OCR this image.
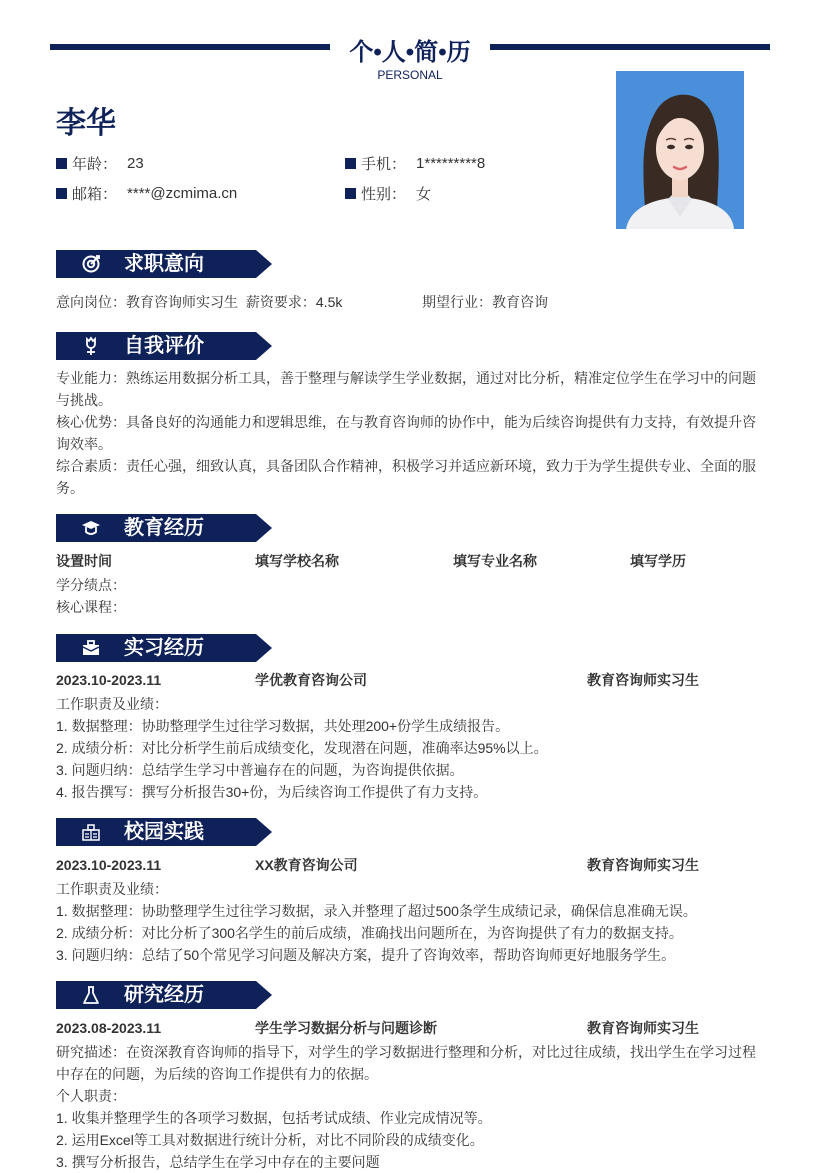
个•人•简•历
PERSONAL
李华
年龄： 23	手机： 1*********8
邮箱： ****@zcmima.cn	性别： 女
求职意向
意向岗位：教育咨询师实习生 薪资要求：4.5k	期望行业：教育咨询
自我评价
专业能力：熟练运用数据分析工具，善于整理与解读学生学业数据，通过对比分析，精准定位学生在学习中的问题与挑战。
核心优势：具备良好的沟通能力和逻辑思维，在与教育咨询师的协作中，能为后续咨询提供有力支持，有效提升咨询效率。
综合素质：责任心强，细致认真，具备团队合作精神，积极学习并适应新环境，致力于为学生提供专业、全面的服务。
教育经历
设置时间	填写学校名称	填写专业名称	填写学历
学分绩点：
核心课程：
实习经历
2023.10-2023.11	学优教育咨询公司	教育咨询师实习生
工作职责及业绩：
1. 数据整理：协助整理学生过往学习数据，共处理200+份学生成绩报告。
2. 成绩分析：对比分析学生前后成绩变化，发现潜在问题，准确率达95%以上。
3. 问题归纳：总结学生学习中普遍存在的问题，为咨询提供依据。
4. 报告撰写：撰写分析报告30+份，为后续咨询工作提供了有力支持。
校园实践
2023.10-2023.11	XX教育咨询公司	教育咨询师实习生
工作职责及业绩：
1. 数据整理：协助整理学生过往学习数据，录入并整理了超过500条学生成绩记录，确保信息准确无误。
2. 成绩分析：对比分析了300名学生的前后成绩，准确找出问题所在，为咨询提供了有力的数据支持。
3. 问题归纳：总结了50个常见学习问题及解决方案，提升了咨询效率，帮助咨询师更好地服务学生。
研究经历
2023.08-2023.11	学生学习数据分析与问题诊断	教育咨询师实习生
研究描述：在资深教育咨询师的指导下，对学生的学习数据进行整理和分析，对比过往成绩，找出学生在学习过程中存在的问题，为后续的咨询工作提供有力的依据。
个人职责：
1. 收集并整理学生的各项学习数据，包括考试成绩、作业完成情况等。
2. 运用Excel等工具对数据进行统计分析，对比不同阶段的成绩变化。
3. 撰写分析报告，总结学生在学习中存在的主要问题
